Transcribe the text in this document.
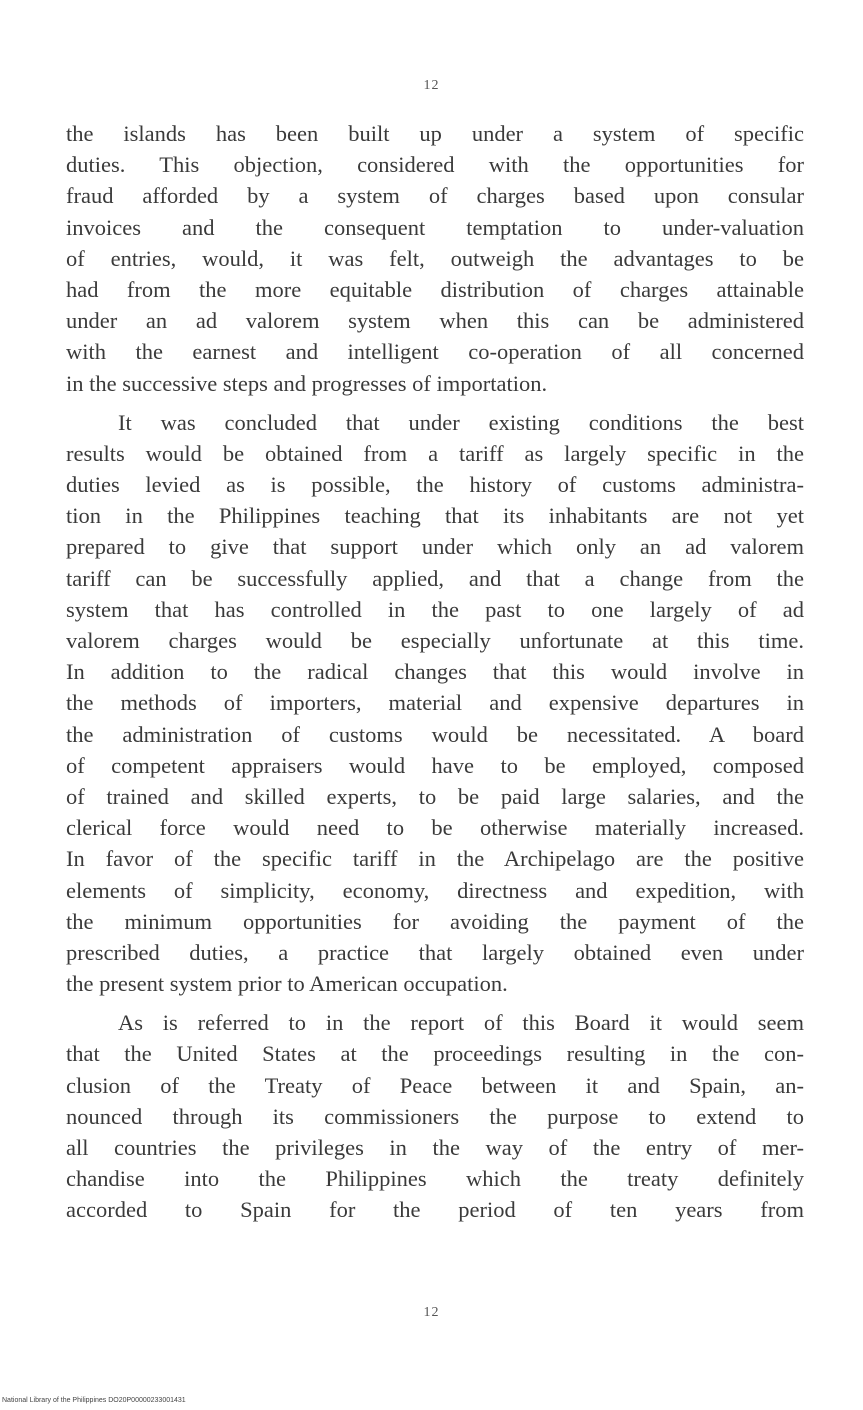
12
the islands has been built up under a system of specific
duties. This objection, considered with the opportunities for
fraud afforded by a system of charges based upon consular
invoices and the consequent temptation to under-valuation
of entries, would, it was felt, outweigh the advantages to be
had from the more equitable distribution of charges attainable
under an ad valorem system when this can be administered
with the earnest and intelligent co-operation of all concerned
in the successive steps and progresses of importation.
It was concluded that under existing conditions the best
results would be obtained from a tariff as largely specific in the
duties levied as is possible, the history of customs administra-
tion in the Philippines teaching that its inhabitants are not yet
prepared to give that support under which only an ad valorem
tariff can be successfully applied, and that a change from the
system that has controlled in the past to one largely of ad
valorem charges would be especially unfortunate at this time.
In addition to the radical changes that this would involve in
the methods of importers, material and expensive departures in
the administration of customs would be necessitated. A board
of competent appraisers would have to be employed, composed
of trained and skilled experts, to be paid large salaries, and the
clerical force would need to be otherwise materially increased.
In favor of the specific tariff in the Archipelago are the positive
elements of simplicity, economy, directness and expedition, with
the minimum opportunities for avoiding the payment of the
prescribed duties, a practice that largely obtained even under
the present system prior to American occupation.
As is referred to in the report of this Board it would seem
that the United States at the proceedings resulting in the con-
clusion of the Treaty of Peace between it and Spain, an-
nounced through its commissioners the purpose to extend to
all countries the privileges in the way of the entry of mer-
chandise into the Philippines which the treaty definitely
accorded to Spain for the period of ten years from
12
National Library of the Philippines DO20P00000233001431
